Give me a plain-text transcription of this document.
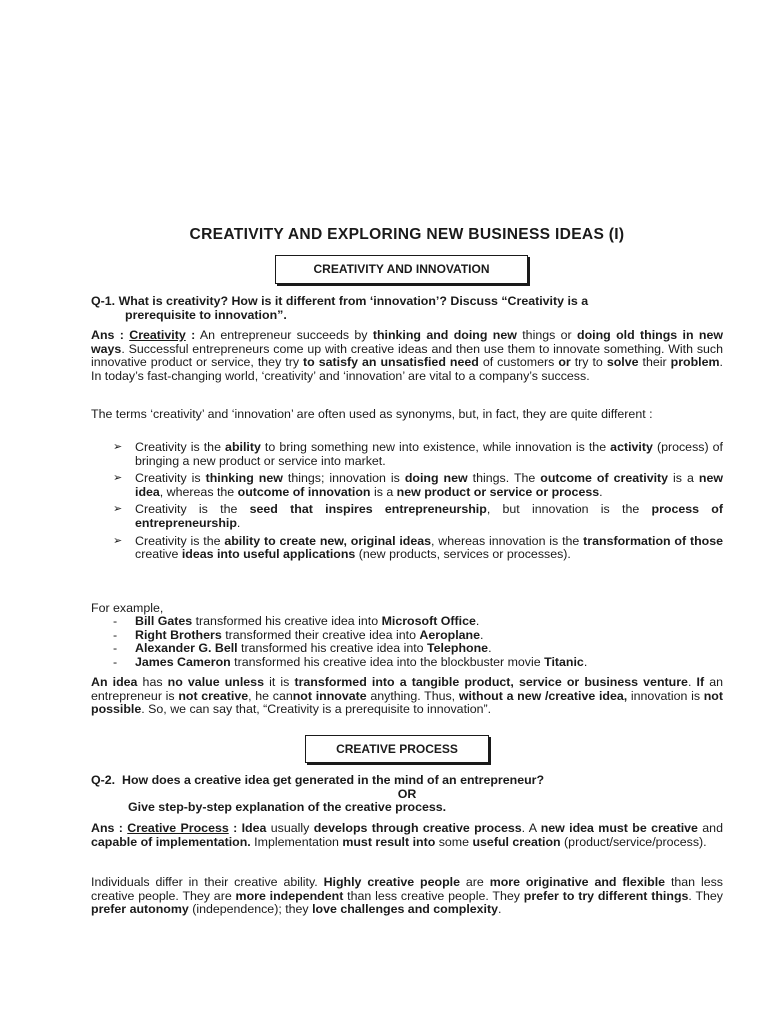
CREATIVITY AND EXPLORING NEW BUSINESS IDEAS (I)
CREATIVITY AND INNOVATION
Q-1. What is creativity? How is it different from ‘innovation’? Discuss “Creativity is a
prerequisite to innovation”.
Ans : Creativity : An entrepreneur succeeds by thinking and doing new things or doing old things in new ways. Successful entrepreneurs come up with creative ideas and then use them to innovate something. With such innovative product or service, they try to satisfy an unsatisfied need of customers or try to solve their problem. In today’s fast-changing world, ‘creativity’ and ‘innovation’ are vital to a company’s success.
The terms ‘creativity’ and ‘innovation’ are often used as synonyms, but, in fact, they are quite different :
➢	Creativity is the ability to bring something new into existence, while innovation is the activity (process) of bringing a new product or service into market.
➢	Creativity is thinking new things; innovation is doing new things. The outcome of creativity is a new idea, whereas the outcome of innovation is a new product or service or process.
➢	Creativity is the seed that inspires entrepreneurship, but innovation is the process of entrepreneurship.
➢	Creativity is the ability to create new, original ideas, whereas innovation is the transformation of those creative ideas into useful applications (new products, services or processes).
For example,
-	Bill Gates transformed his creative idea into Microsoft Office.
-	Right Brothers transformed their creative idea into Aeroplane.
-	Alexander G. Bell transformed his creative idea into Telephone.
-	James Cameron transformed his creative idea into the blockbuster movie Titanic.
An idea has no value unless it is transformed into a tangible product, service or business venture. If an entrepreneur is not creative, he cannot innovate anything. Thus, without a new /creative idea, innovation is not possible. So, we can say that, “Creativity is a prerequisite to innovation”.
CREATIVE PROCESS
Q-2. How does a creative idea get generated in the mind of an entrepreneur?
OR
Give step-by-step explanation of the creative process.
Ans : Creative Process : Idea usually develops through creative process. A new idea must be creative and capable of implementation. Implementation must result into some useful creation (product/service/process).
Individuals differ in their creative ability. Highly creative people are more originative and flexible than less creative people. They are more independent than less creative people. They prefer to try different things. They prefer autonomy (independence); they love challenges and complexity.
